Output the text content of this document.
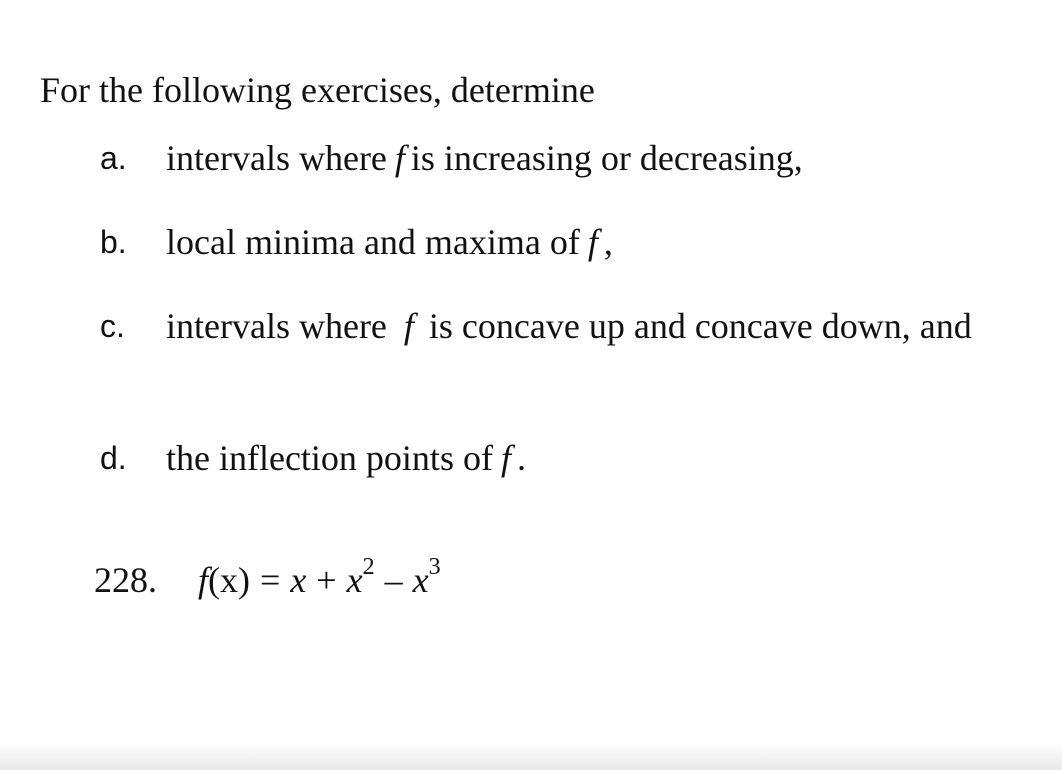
For the following exercises, determine
a. intervals where f is increasing or decreasing,
b. local minima and maxima of f ,
c. intervals where f is concave up and concave down, and
d. the inflection points of f .
228. $f(x) = x + x^2 - x^3$
